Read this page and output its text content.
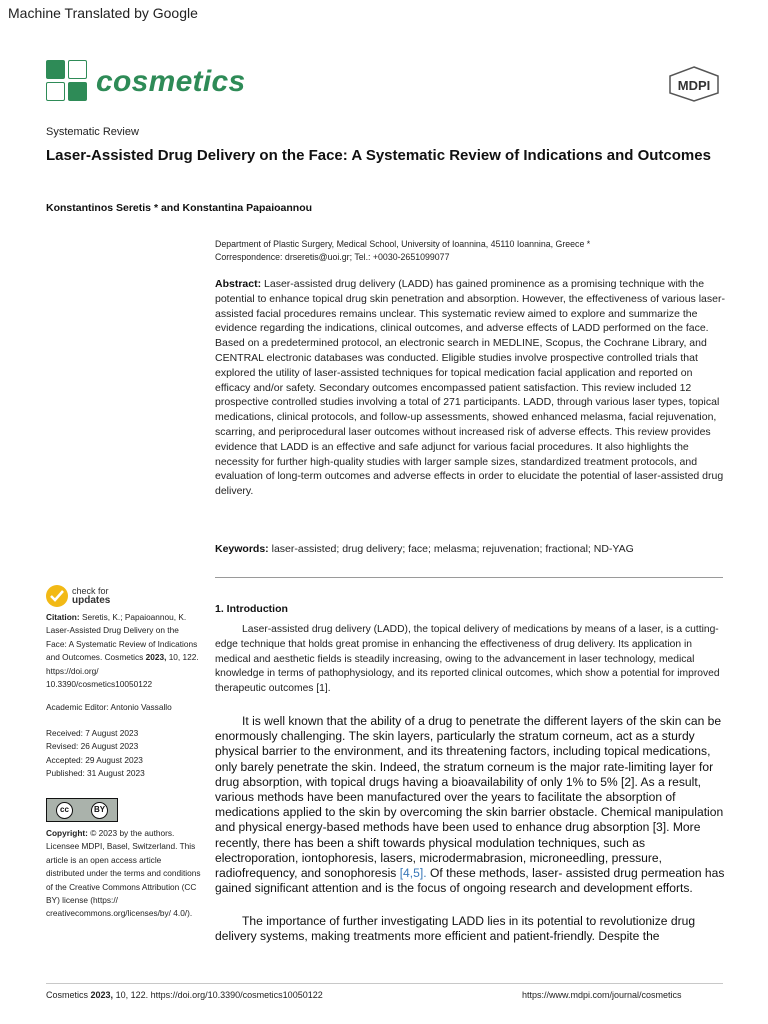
Machine Translated by Google
cosmetics	MDPI
Systematic Review
Laser-Assisted Drug Delivery on the Face: A Systematic Review of Indications and Outcomes
Konstantinos Seretis * and Konstantina Papaioannou
Department of Plastic Surgery, Medical School, University of Ioannina, 45110 Ioannina, Greece *
Correspondence: drseretis@uoi.gr; Tel.: +0030-2651099077
Abstract: Laser-assisted drug delivery (LADD) has gained prominence as a promising technique with the potential to enhance topical drug skin penetration and absorption. However, the effectiveness of various laser-assisted facial procedures remains unclear. This systematic review aimed to explore and summarize the evidence regarding the indications, clinical outcomes, and adverse effects of LADD performed on the face. Based on a predetermined protocol, an electronic search in MEDLINE, Scopus, the Cochrane Library, and CENTRAL electronic databases was conducted. Eligible studies involve prospective controlled trials that explored the utility of laser-assisted techniques for topical medication facial application and reported on efficacy and/or safety. Secondary outcomes encompassed patient satisfaction. This review included 12 prospective controlled studies involving a total of 271 participants. LADD, through various laser types, topical medications, clinical protocols, and follow-up assessments, showed enhanced melasma, facial rejuvenation, scarring, and periprocedural laser outcomes without increased risk of adverse effects. This review provides evidence that LADD is an effective and safe adjunct for various facial procedures. It also highlights the necessity for further high-quality studies with larger sample sizes, standardized treatment protocols, and evaluation of long-term outcomes and adverse effects in order to elucidate the potential of laser-assisted drug delivery.
Keywords: laser-assisted; drug delivery; face; melasma; rejuvenation; fractional; ND-YAG
check for
updates
Citation: Seretis, K.; Papaioannou, K. Laser-Assisted Drug Delivery on the Face: A Systematic Review of Indications and Outcomes. Cosmetics 2023, 10, 122. https://doi.org/ 10.3390/cosmetics10050122
Academic Editor: Antonio Vassallo
Received: 7 August 2023
Revised: 26 August 2023
Accepted: 29 August 2023
Published: 31 August 2023
cc	BY
Copyright: © 2023 by the authors. Licensee MDPI, Basel, Switzerland. This article is an open access article distributed under the terms and conditions of the Creative Commons Attribution (CC BY) license (https:// creativecommons.org/licenses/by/ 4.0/).
1. Introduction
Laser-assisted drug delivery (LADD), the topical delivery of medications by means of a laser, is a cutting-edge technique that holds great promise in enhancing the effectiveness of drug delivery. Its application in medical and aesthetic fields is steadily increasing, owing to the advancement in laser technology, medical knowledge in terms of pathophysiology, and its reported clinical outcomes, which show a potential for improved therapeutic outcomes [1].
It is well known that the ability of a drug to penetrate the different layers of the skin can be enormously challenging. The skin layers, particularly the stratum corneum, act as a sturdy physical barrier to the environment, and its threatening factors, including topical medications, only barely penetrate the skin. Indeed, the stratum corneum is the major rate-limiting layer for drug absorption, with topical drugs having a bioavailability of only 1% to 5% [2]. As a result, various methods have been manufactured over the years to facilitate the absorption of medications applied to the skin by overcoming the skin barrier obstacle. Chemical manipulation and physical energy-based methods have been used to enhance drug absorption [3]. More recently, there has been a shift towards physical modulation techniques, such as electroporation, iontophoresis, lasers, microdermabrasion, microneedling, pressure, radiofrequency, and sonophoresis [4,5]. Of these methods, laser- assisted drug permeation has gained significant attention and is the focus of ongoing research and development efforts.
The importance of further investigating LADD lies in its potential to revolutionize drug delivery systems, making treatments more efficient and patient-friendly. Despite the
Cosmetics 2023, 10, 122. https://doi.org/10.3390/cosmetics10050122	https://www.mdpi.com/journal/cosmetics
